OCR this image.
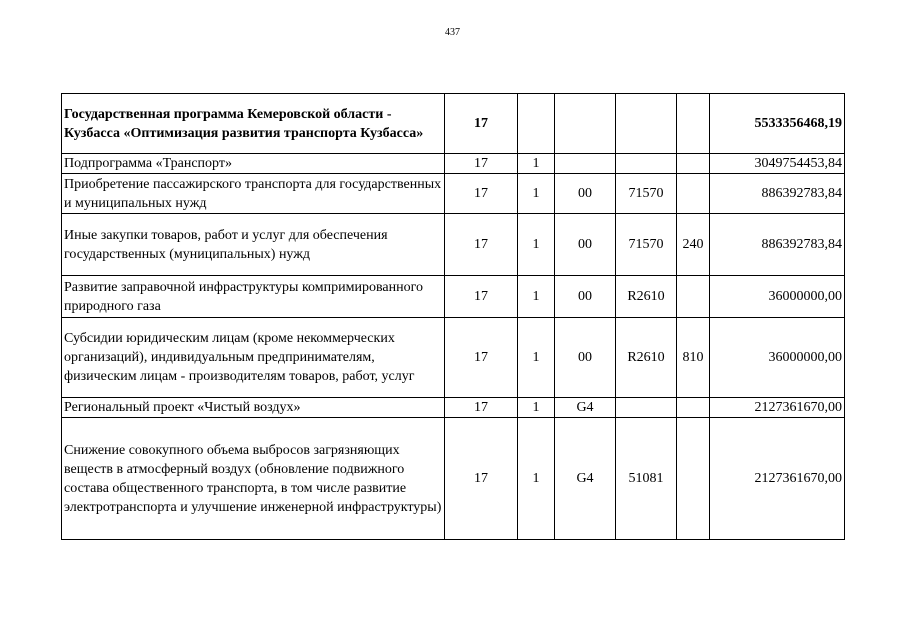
437
Государственная программа Кемеровской области - Кузбасса «Оптимизация развития транспорта Кузбасса»	17					5533356468,19
Подпрограмма «Транспорт»	17	1				3049754453,84
Приобретение пассажирского транспорта для государственных и муниципальных нужд	17	1	00	71570		886392783,84
Иные закупки товаров, работ и услуг для обеспечения государственных (муниципальных) нужд	17	1	00	71570	240	886392783,84
Развитие заправочной инфраструктуры компримированного природного газа	17	1	00	R2610		36000000,00
Субсидии юридическим лицам (кроме некоммерческих организаций), индивидуальным предпринимателям, физическим лицам - производителям товаров, работ, услуг	17	1	00	R2610	810	36000000,00
Региональный проект «Чистый воздух»	17	1	G4			2127361670,00
Снижение совокупного объема выбросов загрязняющих веществ в атмосферный воздух (обновление подвижного состава общественного транспорта, в том числе развитие электротранспорта и улучшение инженерной инфраструктуры)	17	1	G4	51081		2127361670,00
